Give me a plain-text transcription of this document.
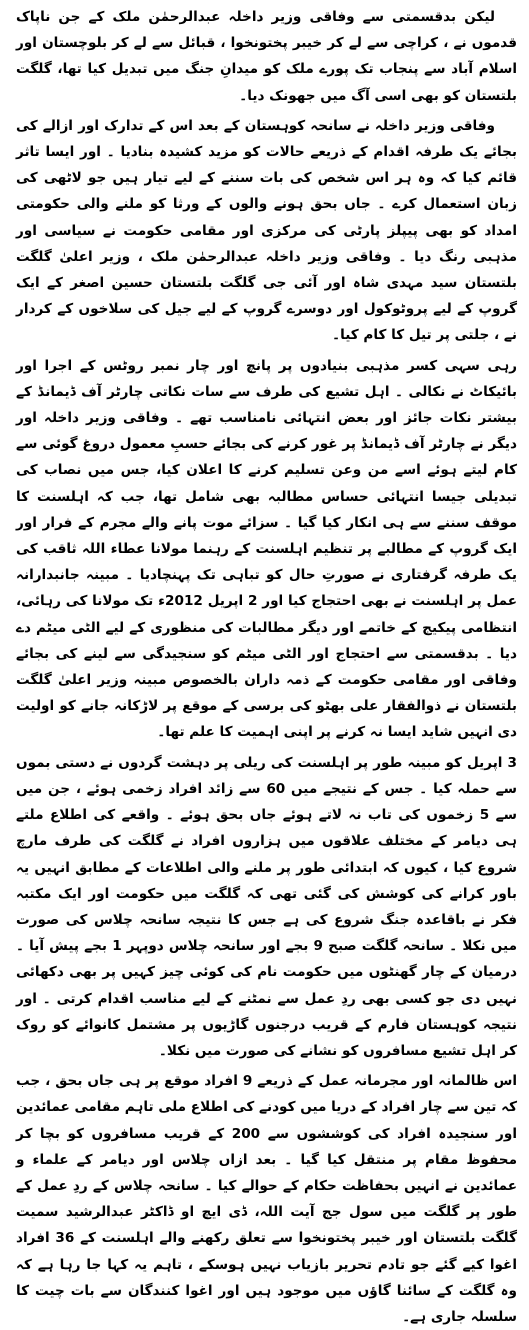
لیکن بدقسمتی سے وفاقی وزیر داخلہ عبدالرحمٰن ملک کے جن ناپاک قدموں نے ، کراچی سے لے کر خیبر پختونخوا ، قبائل سے لے کر بلوچستان اور اسلام آباد سے پنجاب تک پورے ملک کو میدانِ جنگ میں تبدیل کیا تھا، گلگت بلتستان کو بھی اسی آگ میں جھونک دیا۔

وفاقی وزیر داخلہ نے سانحہ کوہستان کے بعد اس کے تدارک اور ازالے کی بجائے یک طرفہ اقدام کے ذریعے حالات کو مزید کشیدہ بنادیا ۔ اور ایسا تاثر قائم کیا کہ وہ ہر اس شخص کی بات سننے کے لیے تیار ہیں جو لاٹھی کی زبان استعمال کرے ۔ جاں بحق ہونے والوں کے ورثا کو ملنے والی حکومتی امداد کو بھی پیپلز پارٹی کی مرکزی اور مقامی حکومت نے سیاسی اور مذہبی رنگ دیا ۔ وفاقی وزیر داخلہ عبدالرحمٰن ملک ، وزیر اعلیٰ گلگت بلتستان سید مہدی شاہ اور آئی جی گلگت بلتستان حسین اصغر کے ایک گروپ کے لیے پروٹوکول اور دوسرے گروپ کے لیے جیل کی سلاخوں کے کردار نے ، جلتی پر تیل کا کام کیا۔

رہی سہی کسر مذہبی بنیادوں پر پانچ اور چار نمبر روٹس کے اجرا اور بائیکاٹ نے نکالی ۔ اہل تشیع کی طرف سے سات نکاتی چارٹر آف ڈیمانڈ کے بیشتر نکات جائز اور بعض انتہائی نامناسب تھے ۔ وفاقی وزیر داخلہ اور دیگر نے چارٹر آف ڈیمانڈ پر غور کرنے کی بجائے حسبِ معمول دروغ گوئی سے کام لیتے ہوئے اسے من وعن تسلیم کرنے کا اعلان کیا، جس میں نصاب کی تبدیلی جیسا انتہائی حساس مطالبہ بھی شامل تھا، جب کہ اہلسنت کا موقف سننے سے ہی انکار کیا گیا ۔ سزائے موت پانے والے مجرم کے فرار اور ایک گروپ کے مطالبے پر تنظیم اہلسنت کے رہنما مولانا عطاء اللہ ثاقب کی یک طرفہ گرفتاری نے صورتِ حال کو تباہی تک پہنچادیا ۔ مبینہ جانبدارانہ عمل پر اہلسنت نے بھی احتجاج کیا اور 2 اپریل 2012ء تک مولانا کی رہائی، انتظامی پیکیج کے خاتمے اور دیگر مطالبات کی منظوری کے لیے الٹی میٹم دے دیا ۔ بدقسمتی سے احتجاج اور الٹی میٹم کو سنجیدگی سے لینے کی بجائے وفاقی اور مقامی حکومت کے ذمہ داران بالخصوص مبینہ وزیر اعلیٰ گلگت بلتستان نے ذوالفقار علی بھٹو کی برسی کے موقع پر لاڑکانہ جانے کو اولیت دی انہیں شاید ایسا نہ کرنے پر اپنی اہمیت کا علم تھا۔

3 اپریل کو مبینہ طور پر اہلسنت کی ریلی پر دہشت گردوں نے دستی بموں سے حملہ کیا ۔ جس کے نتیجے میں 60 سے زائد افراد زخمی ہوئے ، جن میں سے 5 زخموں کی تاب نہ لاتے ہوئے جاں بحق ہوئے ۔ واقعے کی اطلاع ملتے ہی دیامر کے مختلف علاقوں میں ہزاروں افراد نے گلگت کی طرف مارچ شروع کیا ، کیوں کہ ابتدائی طور پر ملنے والی اطلاعات کے مطابق انہیں یہ باور کرانے کی کوشش کی گئی تھی کہ گلگت میں حکومت اور ایک مکتبہ فکر نے باقاعدہ جنگ شروع کی ہے جس کا نتیجہ سانحہ چلاس کی صورت میں نکلا ۔ سانحہ گلگت صبح 9 بجے اور سانحہ چلاس دوپہر 1 بجے پیش آیا ۔ درمیان کے چار گھنٹوں میں حکومت نام کی کوئی چیز کہیں پر بھی دکھائی نہیں دی جو کسی بھی ردِ عمل سے نمٹنے کے لیے مناسب اقدام کرتی ۔ اور نتیجہ کوہستان فارم کے قریب درجنوں گاڑیوں پر مشتمل کانوائے کو روک کر اہل تشیع مسافروں کو نشانے کی صورت میں نکلا۔

اس ظالمانہ اور مجرمانہ عمل کے ذریعے 9 افراد موقع پر ہی جاں بحق ، جب کہ تین سے چار افراد کے دریا میں کودنے کی اطلاع ملی تاہم مقامی عمائدین اور سنجیدہ افراد کی کوششوں سے 200 کے قریب مسافروں کو بچا کر محفوظ مقام پر منتقل کیا گیا ۔ بعد ازاں چلاس اور دیامر کے علماء و عمائدین نے انہیں بحفاظت حکام کے حوالے کیا ۔ سانحہ چلاس کے ردِ عمل کے طور پر گلگت میں سول جج آیت اللہ، ڈی ایچ او ڈاکٹر عبدالرشید سمیت گلگت بلتستان اور خیبر پختونخوا سے تعلق رکھنے والے اہلسنت کے 36 افراد اغوا کیے گئے جو تادم تحریر بازیاب نہیں ہوسکے ، تاہم یہ کہا جا رہا ہے کہ وہ گلگت کے سائنا گاؤں میں موجود ہیں اور اغوا کنندگان سے بات چیت کا سلسلہ جاری ہے۔
